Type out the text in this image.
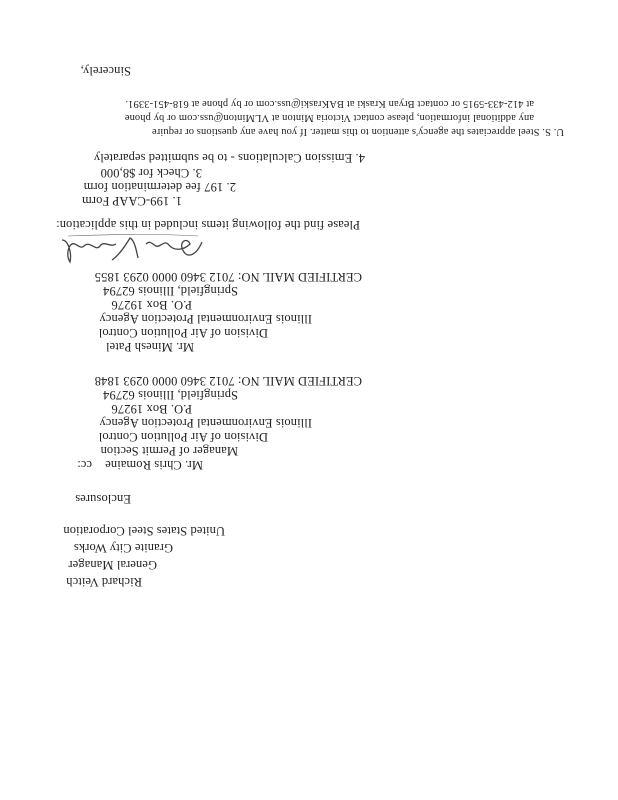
Richard Veitch
General Manager
Granite City Works
United States Steel Corporation
Enclosures
cc: Mr. Chris Romaine
Manager of Permit Section
Division of Air Pollution Control
Illinois Environmental Protection Agency
P.O. Box 19276
Springfield, Illinois 62794
CERTIFIED MAIL NO: 7012 3460 0000 0293 1848
Mr. Minesh Patel
Division of Air Pollution Control
Illinois Environmental Protection Agency
P.O. Box 19276
Springfield, Illinois 62794
CERTIFIED MAIL NO: 7012 3460 0000 0293 1855
Please find the following items included in this application:
1. 199-CAAP Form
2. 197 fee determination form
3. Check for $8,000
4. Emission Calculations - to be submitted separately
U. S. Steel appreciates the agency's attention to this matter. If you have any questions or require
any additional information, please contact Victoria Minton at VLMinton@uss.com or by phone
at 412-433-5915 or contact Bryan Kraski at BAKraski@uss.com or by phone at 618-451-3391.
Sincerely,
